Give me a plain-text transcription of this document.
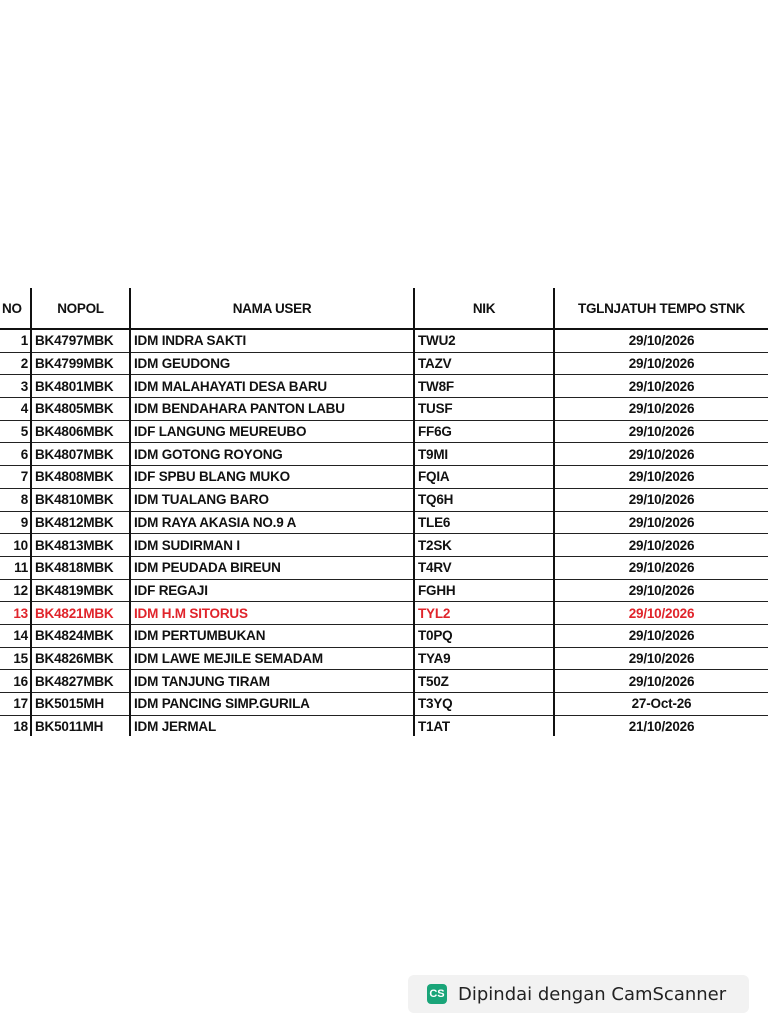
NO	NOPOL	NAMA USER	NIK	TGLNJATUH TEMPO STNK
1	BK4797MBK	IDM INDRA SAKTI	TWU2	29/10/2026
2	BK4799MBK	IDM GEUDONG	TAZV	29/10/2026
3	BK4801MBK	IDM MALAHAYATI DESA BARU	TW8F	29/10/2026
4	BK4805MBK	IDM BENDAHARA PANTON LABU	TUSF	29/10/2026
5	BK4806MBK	IDF LANGUNG MEUREUBO	FF6G	29/10/2026
6	BK4807MBK	IDM GOTONG ROYONG	T9MI	29/10/2026
7	BK4808MBK	IDF SPBU BLANG MUKO	FQIA	29/10/2026
8	BK4810MBK	IDM TUALANG BARO	TQ6H	29/10/2026
9	BK4812MBK	IDM RAYA AKASIA NO.9 A	TLE6	29/10/2026
10	BK4813MBK	IDM SUDIRMAN I	T2SK	29/10/2026
11	BK4818MBK	IDM PEUDADA BIREUN	T4RV	29/10/2026
12	BK4819MBK	IDF REGAJI	FGHH	29/10/2026
13	BK4821MBK	IDM H.M SITORUS	TYL2	29/10/2026
14	BK4824MBK	IDM PERTUMBUKAN	T0PQ	29/10/2026
15	BK4826MBK	IDM LAWE MEJILE SEMADAM	TYA9	29/10/2026
16	BK4827MBK	IDM TANJUNG TIRAM	T50Z	29/10/2026
17	BK5015MH	IDM PANCING SIMP.GURILA	T3YQ	27-Oct-26
18	BK5011MH	IDM JERMAL	T1AT	21/10/2026
CS Dipindai dengan CamScanner
